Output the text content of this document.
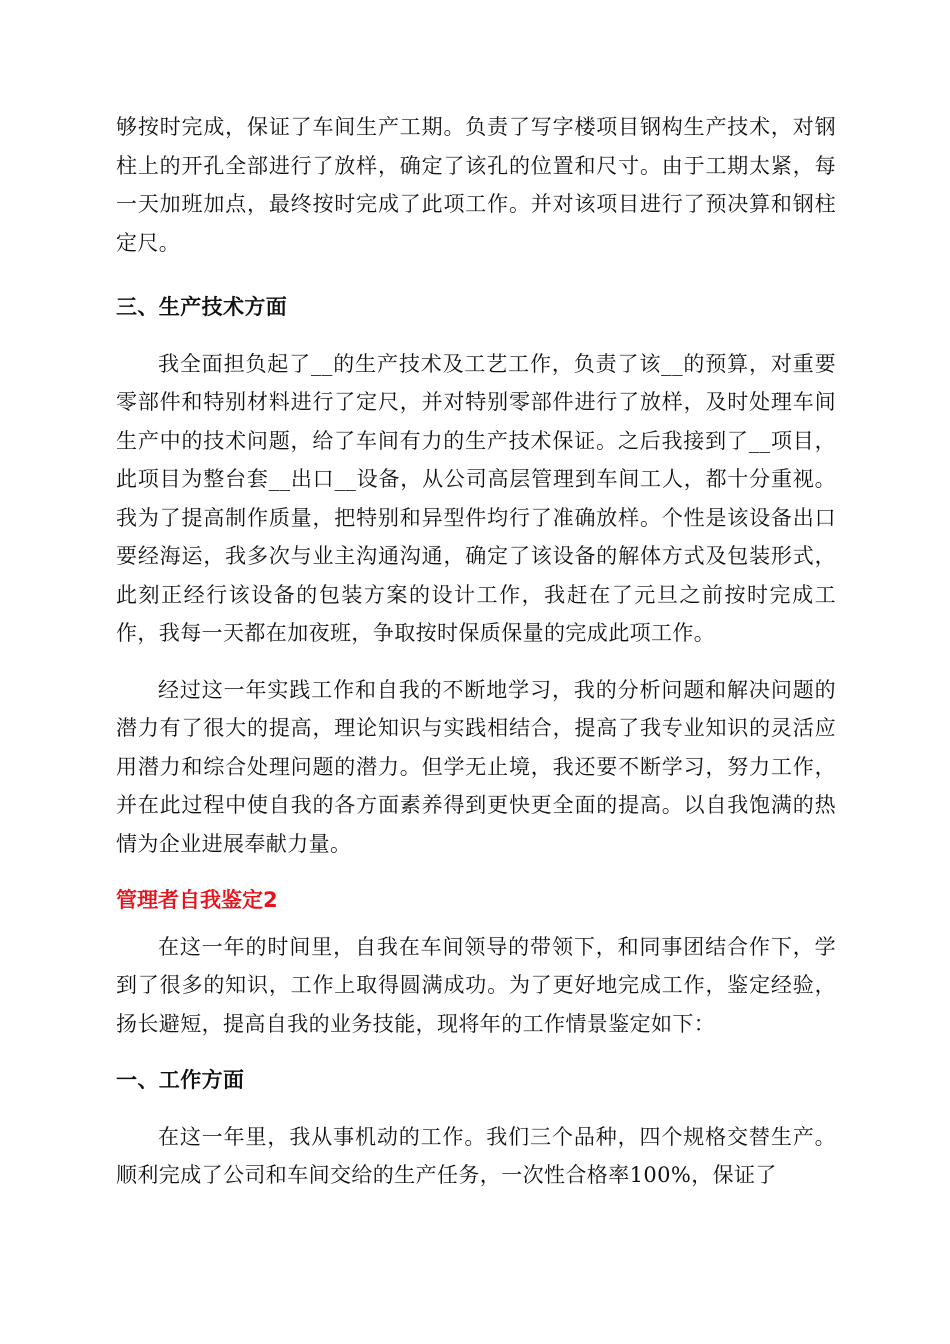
够按时完成，保证了车间生产工期。负责了写字楼项目钢构生产技术，对钢柱上的开孔全部进行了放样，确定了该孔的位置和尺寸。由于工期太紧，每一天加班加点，最终按时完成了此项工作。并对该项目进行了预决算和钢柱定尺。

三、生产技术方面

我全面担负起了__的生产技术及工艺工作，负责了该__的预算，对重要零部件和特别材料进行了定尺，并对特别零部件进行了放样，及时处理车间生产中的技术问题，给了车间有力的生产技术保证。之后我接到了__项目，此项目为整台套__出口__设备，从公司高层管理到车间工人，都十分重视。我为了提高制作质量，把特别和异型件均行了准确放样。个性是该设备出口要经海运，我多次与业主沟通沟通，确定了该设备的解体方式及包装形式，此刻正经行该设备的包装方案的设计工作，我赶在了元旦之前按时完成工作，我每一天都在加夜班，争取按时保质保量的完成此项工作。

经过这一年实践工作和自我的不断地学习，我的分析问题和解决问题的潜力有了很大的提高，理论知识与实践相结合，提高了我专业知识的灵活应用潜力和综合处理问题的潜力。但学无止境，我还要不断学习，努力工作，并在此过程中使自我的各方面素养得到更快更全面的提高。以自我饱满的热情为企业进展奉献力量。

管理者自我鉴定2

在这一年的时间里，自我在车间领导的带领下，和同事团结合作下，学到了很多的知识，工作上取得圆满成功。为了更好地完成工作，鉴定经验，扬长避短，提高自我的业务技能，现将年的工作情景鉴定如下：

一、工作方面

在这一年里，我从事机动的工作。我们三个品种，四个规格交替生产。顺利完成了公司和车间交给的生产任务，一次性合格率100%，保证了
